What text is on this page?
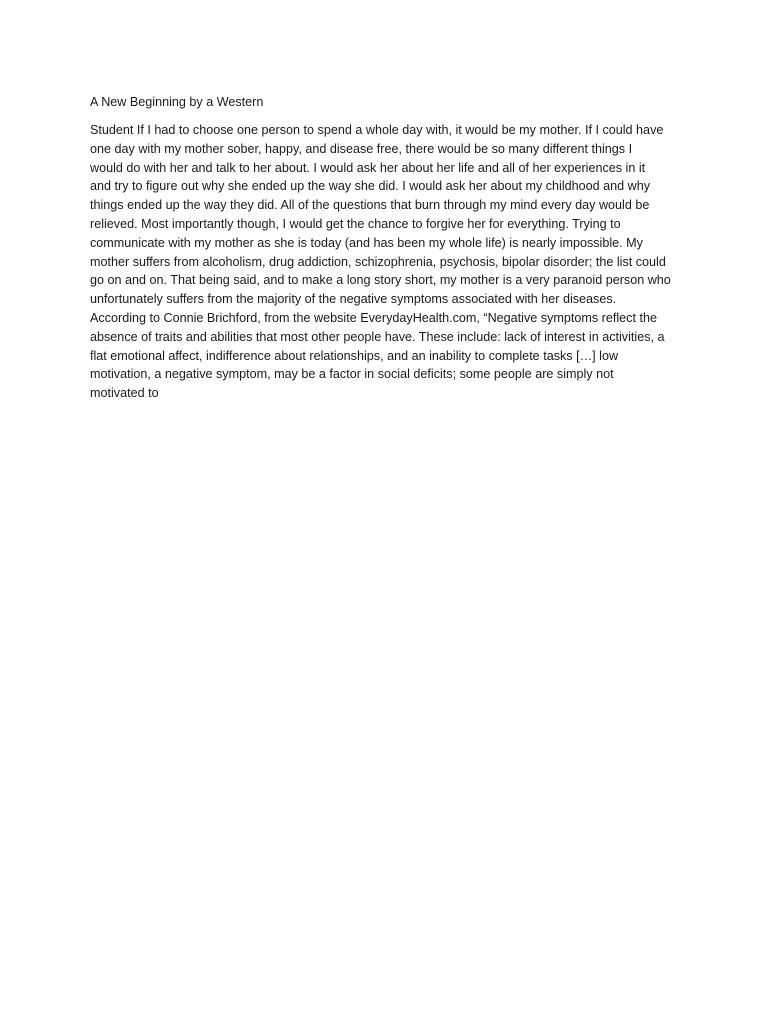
A New Beginning by a Western
Student If I had to choose one person to spend a whole day with, it would be my mother. If I could have
one day with my mother sober, happy, and disease free, there would be so many different things I
would do with her and talk to her about. I would ask her about her life and all of her experiences in it
and try to figure out why she ended up the way she did. I would ask her about my childhood and why
things ended up the way they did. All of the questions that burn through my mind every day would be
relieved. Most importantly though, I would get the chance to forgive her for everything. Trying to
communicate with my mother as she is today (and has been my whole life) is nearly impossible. My
mother suffers from alcoholism, drug addiction, schizophrenia, psychosis, bipolar disorder; the list could
go on and on. That being said, and to make a long story short, my mother is a very paranoid person who
unfortunately suffers from the majority of the negative symptoms associated with her diseases.
According to Connie Brichford, from the website EverydayHealth.com, “Negative symptoms reflect the
absence of traits and abilities that most other people have. These include: lack of interest in activities, a
flat emotional affect, indifference about relationships, and an inability to complete tasks […] low
motivation, a negative symptom, may be a factor in social deficits; some people are simply not
motivated to
